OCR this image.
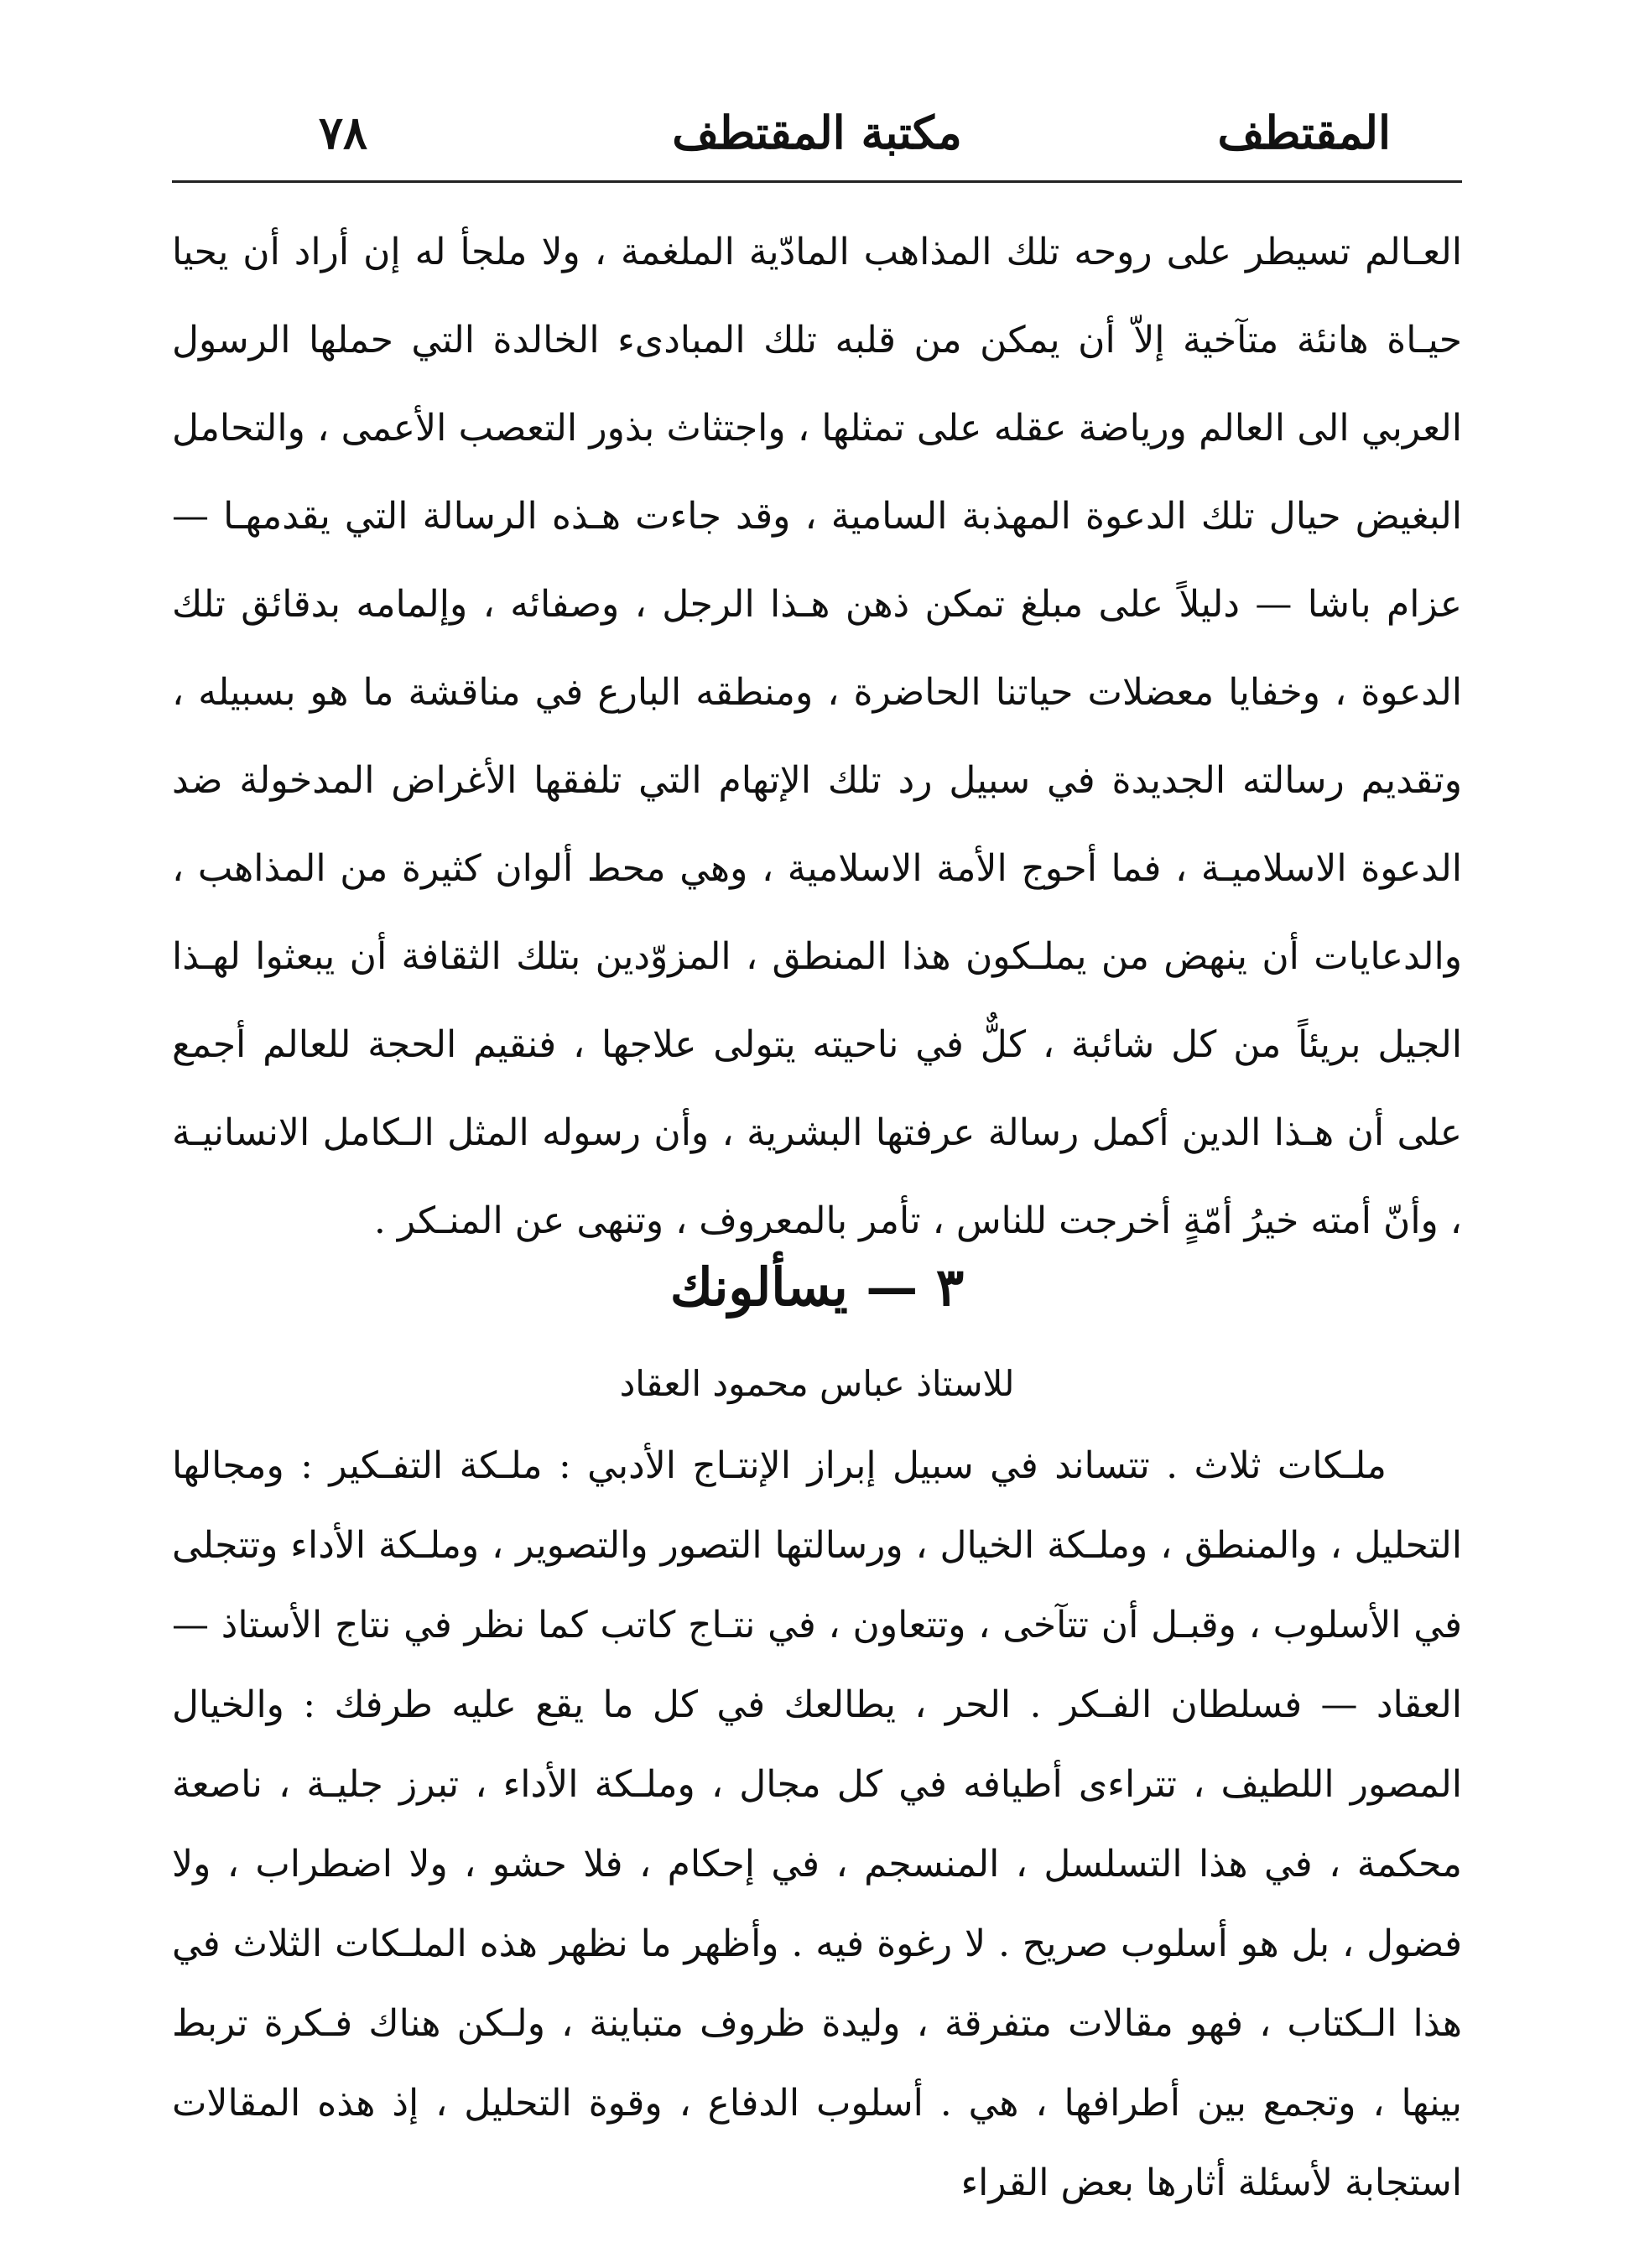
المقتطف
مكتبة المقتطف
٧٨

العـالم تسيطر على روحه تلك المذاهب المادّية الملغمة ، ولا ملجأ له إن أراد أن يحيا حيـاة هانئة متآخية إلاّ أن يمكن من قلبه تلك المبادىء الخالدة التي حملها الرسول العربي الى العالم ورياضة عقله على تمثلها ، واجتثاث بذور التعصب الأعمى ، والتحامل البغيض حيال تلك الدعوة المهذبة السامية ، وقد جاءت هـذه الرسالة التي يقدمهـا — عزام باشا — دليلاً على مبلغ تمكن ذهن هـذا الرجل ، وصفائه ، وإلمامه بدقائق تلك الدعوة ، وخفايا معضلات حياتنا الحاضرة ، ومنطقه البارع في مناقشة ما هو بسبيله ، وتقديم رسالته الجديدة في سبيل رد تلك الإتهام التي تلفقها الأغراض المدخولة ضد الدعوة الاسلاميـة ، فما أحوج الأمة الاسلامية ، وهي محط ألوان كثيرة من المذاهب ، والدعايات أن ينهض من يملـكون هذا المنطق ، المزوّدين بتلك الثقافة أن يبعثوا لهـذا الجيل بريئاً من كل شائبة ، كلٌّ في ناحيته يتولى علاجها ، فنقيم الحجة للعالم أجمع على أن هـذا الدين أكمل رسالة عرفتها البشرية ، وأن رسوله المثل الـكامل الانسانيـة ، وأنّ أمته خيرُ أمّةٍ أخرجت للناس ، تأمر بالمعروف ، وتنهى عن المنـكر .

٣ — يسألونك
للاستاذ عباس محمود العقاد

ملـكات ثلاث . تتساند في سبيل إبراز الإنتـاج الأدبي : ملـكة التفـكير : ومجالها التحليل ، والمنطق ، وملـكة الخيال ، ورسالتها التصور والتصوير ، وملـكة الأداء وتتجلى في الأسلوب ، وقبـل أن تتآخى ، وتتعاون ، في نتـاج كاتب كما نظر في نتاج الأستاذ — العقاد — فسلطان الفـكر . الحر ، يطالعك في كل ما يقع عليه طرفك : والخيال المصور اللطيف ، تتراءى أطيافه في كل مجال ، وملـكة الأداء ، تبرز جليـة ، ناصعة محكمة ، في هذا التسلسل ، المنسجم ، في إحكام ، فلا حشو ، ولا اضطراب ، ولا فضول ، بل هو أسلوب صريح . لا رغوة فيه . وأظهر ما نظهر هذه الملـكات الثلاث في هذا الـكتاب ، فهو مقالات متفرقة ، وليدة ظروف متباينة ، ولـكن هناك فـكرة تربط بينها ، وتجمع بين أطرافها ، هي . أسلوب الدفاع ، وقوة التحليل ، إذ هذه المقالات استجابة لأسئلة أثارها بعض القراء
